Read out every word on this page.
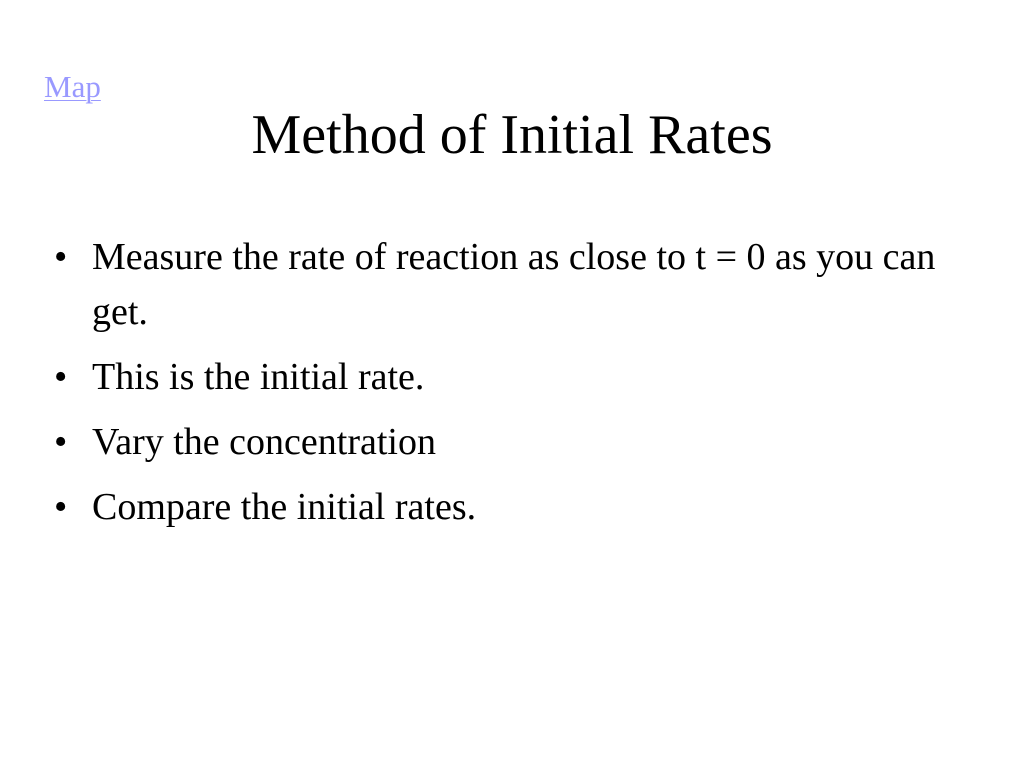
Map
Method of Initial Rates
• Measure the rate of reaction as close to t = 0 as you can get.
• This is the initial rate.
• Vary the concentration
• Compare the initial rates.
